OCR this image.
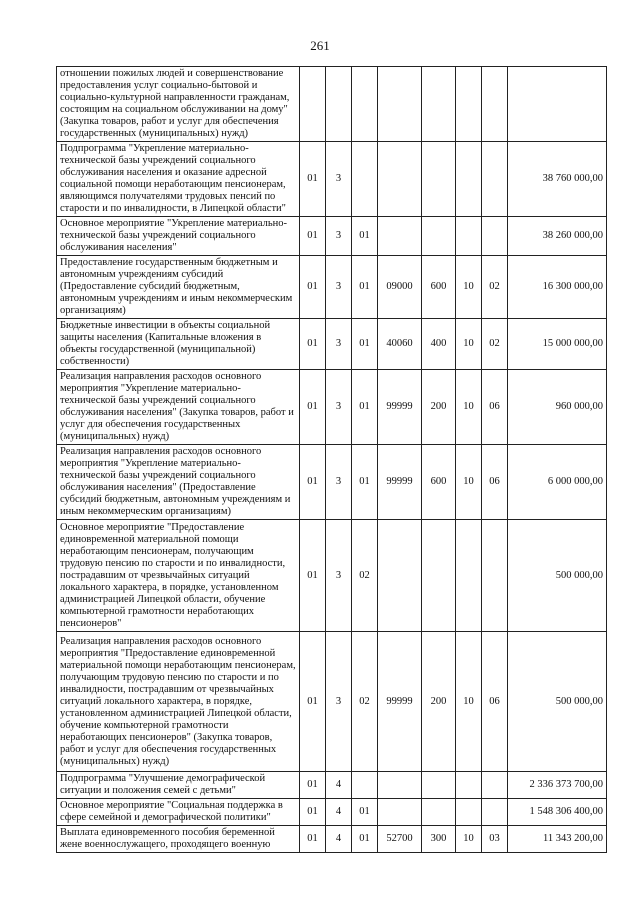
261
отношении пожилых людей и совершенствование предоставления услуг социально-бытовой и социально-культурной направленности гражданам, состоящим на социальном обслуживании на дому" (Закупка товаров, работ и услуг для обеспечения государственных (муниципальных) нужд)								
Подпрограмма "Укрепление материально-технической базы учреждений социального обслуживания населения и оказание адресной социальной помощи неработающим пенсионерам, являющимся получателями трудовых пенсий по старости и по инвалидности, в Липецкой области"	01	3						38 760 000,00
Основное мероприятие "Укрепление материально-технической базы учреждений социального обслуживания населения"	01	3	01					38 260 000,00
Предоставление государственным бюджетным и автономным учреждениям субсидий (Предоставление субсидий бюджетным, автономным учреждениям и иным некоммерческим организациям)	01	3	01	09000	600	10	02	16 300 000,00
Бюджетные инвестиции в объекты социальной защиты населения (Капитальные вложения в объекты государственной (муниципальной) собственности)	01	3	01	40060	400	10	02	15 000 000,00
Реализация направления расходов основного мероприятия "Укрепление материально-технической базы учреждений социального обслуживания населения" (Закупка товаров, работ и услуг для обеспечения государственных (муниципальных) нужд)	01	3	01	99999	200	10	06	960 000,00
Реализация направления расходов основного мероприятия "Укрепление материально-технической базы учреждений социального обслуживания населения" (Предоставление субсидий бюджетным, автономным учреждениям и иным некоммерческим организациям)	01	3	01	99999	600	10	06	6 000 000,00
Основное мероприятие "Предоставление единовременной материальной помощи неработающим пенсионерам, получающим трудовую пенсию по старости и по инвалидности, пострадавшим от чрезвычайных ситуаций локального характера, в порядке, установленном администрацией Липецкой области, обучение компьютерной грамотности неработающих пенсионеров"	01	3	02					500 000,00
Реализация направления расходов основного мероприятия "Предоставление единовременной материальной помощи неработающим пенсионерам, получающим трудовую пенсию по старости и по инвалидности, пострадавшим от чрезвычайных ситуаций локального характера, в порядке, установленном администрацией Липецкой области, обучение компьютерной грамотности неработающих пенсионеров" (Закупка товаров, работ и услуг для обеспечения государственных (муниципальных) нужд)	01	3	02	99999	200	10	06	500 000,00
Подпрограмма "Улучшение демографической ситуации и положения семей с детьми"	01	4						2 336 373 700,00
Основное мероприятие "Социальная поддержка в сфере семейной и демографической политики"	01	4	01					1 548 306 400,00
Выплата единовременного пособия беременной жене военнослужащего, проходящего военную	01	4	01	52700	300	10	03	11 343 200,00
